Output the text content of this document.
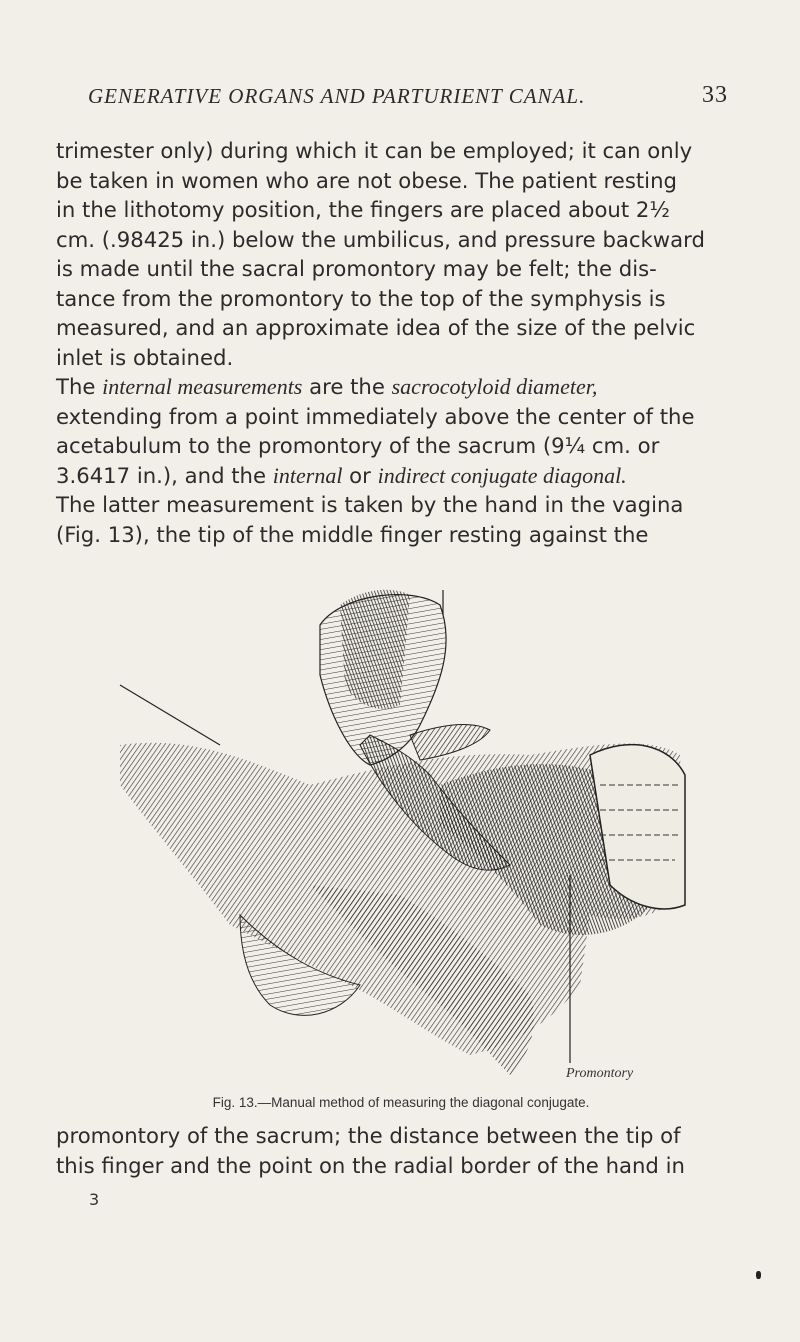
GENERATIVE ORGANS AND PARTURIENT CANAL.	33
trimester only) during which it can be employed; it can only
be taken in women who are not obese. The patient resting
in the lithotomy position, the fingers are placed about 2½
cm. (.98425 in.) below the umbilicus, and pressure backward
is made until the sacral promontory may be felt; the dis-
tance from the promontory to the top of the symphysis is
measured, and an approximate idea of the size of the pelvic
inlet is obtained.
The internal measurements are the sacrocotyloid diameter,
extending from a point immediately above the center of the
acetabulum to the promontory of the sacrum (9¼ cm. or
3.6417 in.), and the internal or indirect conjugate diagonal.
The latter measurement is taken by the hand in the vagina
(Fig. 13), the tip of the middle finger resting against the
Promontory
Fig. 13.—Manual method of measuring the diagonal conjugate.
promontory of the sacrum; the distance between the tip of
this finger and the point on the radial border of the hand in
3
